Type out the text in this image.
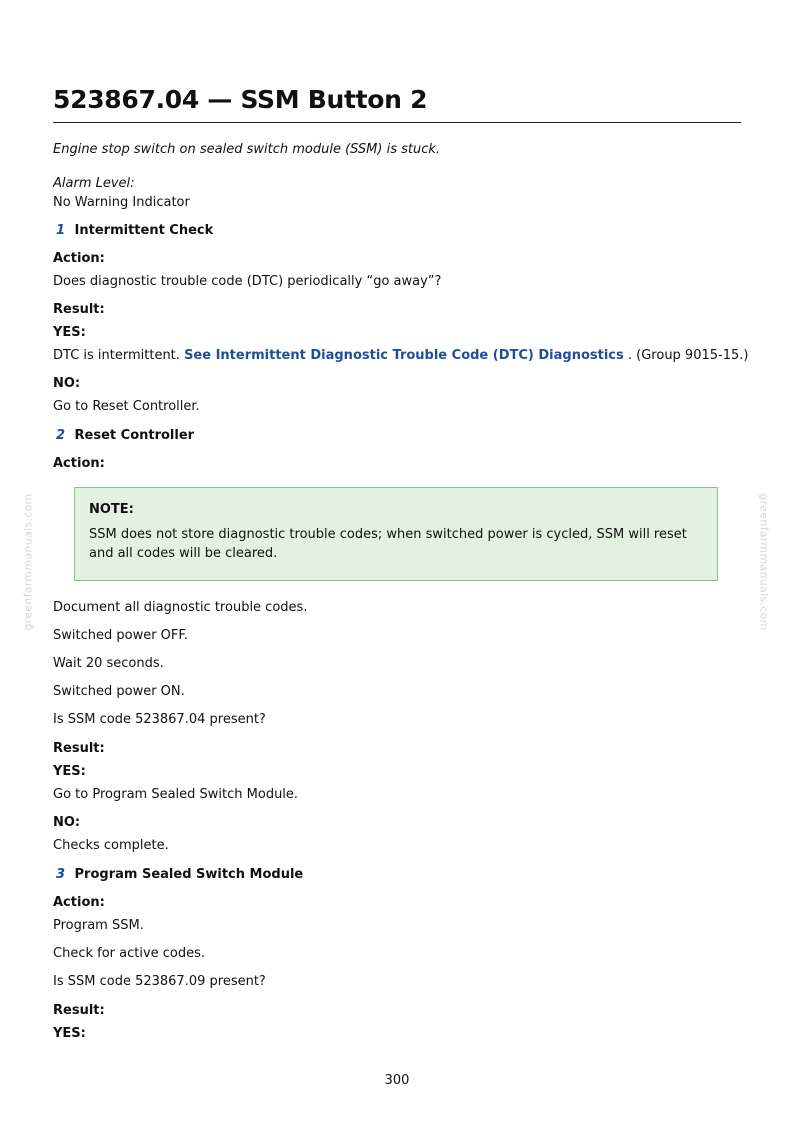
greenfarmmanuals.com	greenfarmmanuals.com
523867.04 — SSM Button 2

Engine stop switch on sealed switch module (SSM) is stuck.

Alarm Level:

No Warning Indicator

1 Intermittent Check

Action:

Does diagnostic trouble code (DTC) periodically “go away”?

Result:

YES:

DTC is intermittent. See Intermittent Diagnostic Trouble Code (DTC) Diagnostics . (Group 9015-15.)

NO:

Go to Reset Controller.

2 Reset Controller

Action:

NOTE:
SSM does not store diagnostic trouble codes; when switched power is cycled, SSM will reset and all codes will be cleared.

Document all diagnostic trouble codes.

Switched power OFF.

Wait 20 seconds.

Switched power ON.

Is SSM code 523867.04 present?

Result:

YES:

Go to Program Sealed Switch Module.

NO:

Checks complete.

3 Program Sealed Switch Module

Action:

Program SSM.

Check for active codes.

Is SSM code 523867.09 present?

Result:

YES:

300
